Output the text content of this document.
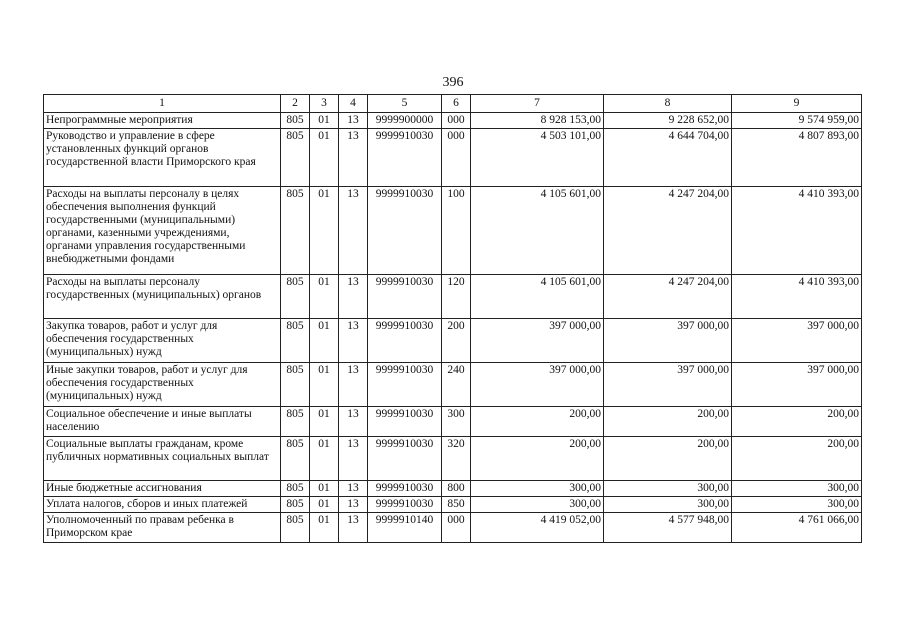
396
1	2	3	4	5	6	7	8	9
Непрограммные мероприятия	805	01	13	9999900000	000	8 928 153,00	9 228 652,00	9 574 959,00
Руководство и управление в сфере установленных функций органов государственной власти Приморского края	805	01	13	9999910030	000	4 503 101,00	4 644 704,00	4 807 893,00
Расходы на выплаты персоналу в целях обеспечения выполнения функций государственными (муниципальными) органами, казенными учреждениями, органами управления государственными внебюджетными фондами	805	01	13	9999910030	100	4 105 601,00	4 247 204,00	4 410 393,00
Расходы на выплаты персоналу государственных (муниципальных) органов	805	01	13	9999910030	120	4 105 601,00	4 247 204,00	4 410 393,00
Закупка товаров, работ и услуг для обеспечения государственных (муниципальных) нужд	805	01	13	9999910030	200	397 000,00	397 000,00	397 000,00
Иные закупки товаров, работ и услуг для обеспечения государственных (муниципальных) нужд	805	01	13	9999910030	240	397 000,00	397 000,00	397 000,00
Социальное обеспечение и иные выплаты населению	805	01	13	9999910030	300	200,00	200,00	200,00
Социальные выплаты гражданам, кроме публичных нормативных социальных выплат	805	01	13	9999910030	320	200,00	200,00	200,00
Иные бюджетные ассигнования	805	01	13	9999910030	800	300,00	300,00	300,00
Уплата налогов, сборов и иных платежей	805	01	13	9999910030	850	300,00	300,00	300,00
Уполномоченный по правам ребенка в Приморском крае	805	01	13	9999910140	000	4 419 052,00	4 577 948,00	4 761 066,00
